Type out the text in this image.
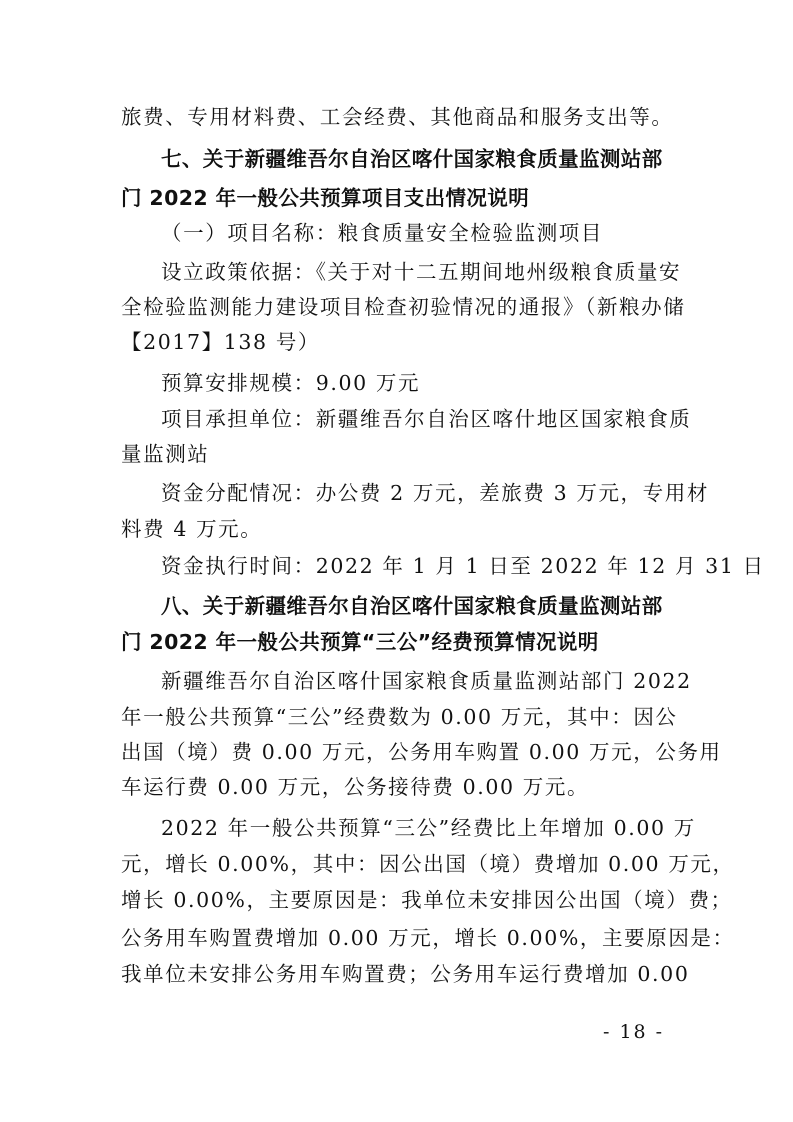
旅费、专用材料费、工会经费、其他商品和服务支出等。
七、关于新疆维吾尔自治区喀什国家粮食质量监测站部
门 2022 年一般公共预算项目支出情况说明
（一）项目名称：粮食质量安全检验监测项目
设立政策依据：《关于对十二五期间地州级粮食质量安
全检验监测能力建设项目检查初验情况的通报》（新粮办储
【2017】138 号）
预算安排规模：9.00 万元
项目承担单位：新疆维吾尔自治区喀什地区国家粮食质
量监测站
资金分配情况：办公费 2 万元，差旅费 3 万元，专用材
料费 4 万元。
资金执行时间：2022 年 1 月 1 日至 2022 年 12 月 31 日
八、关于新疆维吾尔自治区喀什国家粮食质量监测站部
门 2022 年一般公共预算“三公”经费预算情况说明
新疆维吾尔自治区喀什国家粮食质量监测站部门 2022
年一般公共预算“三公”经费数为 0.00 万元，其中：因公
出国（境）费 0.00 万元，公务用车购置 0.00 万元，公务用
车运行费 0.00 万元，公务接待费 0.00 万元。
2022 年一般公共预算“三公”经费比上年增加 0.00 万
元，增长 0.00%，其中：因公出国（境）费增加 0.00 万元，
增长 0.00%，主要原因是：我单位未安排因公出国（境）费；
公务用车购置费增加 0.00 万元，增长 0.00%，主要原因是：
我单位未安排公务用车购置费；公务用车运行费增加 0.00
- 18 -
